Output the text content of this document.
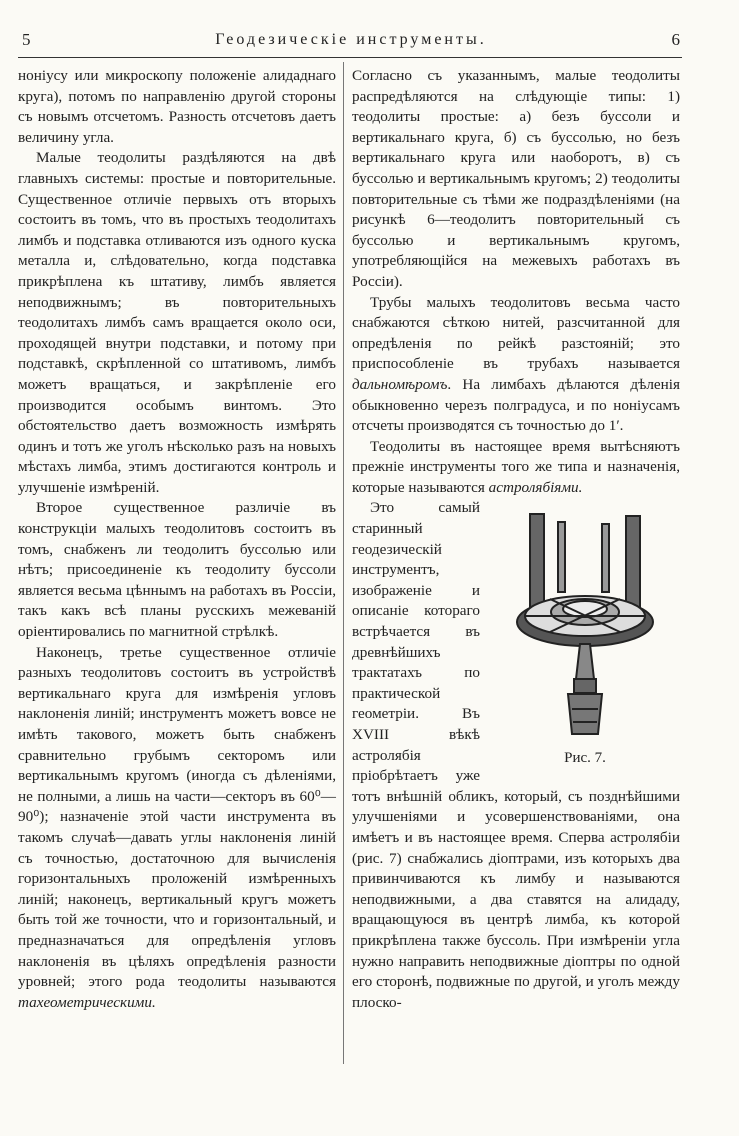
5	Геодезическіе инструменты.	6

ноніусу или микроскопу положеніе алидаднаго круга), потомъ по направленію другой стороны съ новымъ отсчетомъ. Разность отсчетовъ даетъ величину угла.

Малые теодолиты раздѣляются на двѣ главныхъ системы: простые и повторительные. Существенное отличіе первыхъ отъ вторыхъ состоитъ въ томъ, что въ простыхъ теодолитахъ лимбъ и подставка отливаются изъ одного куска металла и, слѣдовательно, когда подставка прикрѣплена къ штативу, лимбъ является неподвижнымъ; въ повторительныхъ теодолитахъ лимбъ самъ вращается около оси, проходящей внутри подставки, и потому при подставкѣ, скрѣпленной со штативомъ, лимбъ можетъ вращаться, и закрѣпленіе его производится особымъ винтомъ. Это обстоятельство даетъ возможность измѣрять одинъ и тотъ же уголъ нѣсколько разъ на новыхъ мѣстахъ лимба, этимъ достигаются контроль и улучшеніе измѣреній.

Второе существенное различіе въ конструкціи малыхъ теодолитовъ состоитъ въ томъ, снабженъ ли теодолитъ буссолью или нѣтъ; присоединеніе къ теодолиту буссоли является весьма цѣннымъ на работахъ въ Россіи, такъ какъ всѣ планы русскихъ межеваній оріентировались по магнитной стрѣлкѣ.

Наконецъ, третье существенное отличіе разныхъ теодолитовъ состоитъ въ устройствѣ вертикальнаго круга для измѣренія угловъ наклоненія линій; инструментъ можетъ вовсе не имѣть такового, можетъ быть снабженъ сравнительно грубымъ секторомъ или вертикальнымъ кругомъ (иногда съ дѣленіями, не полными, а лишь на части—секторъ въ 60⁰—90⁰); назначеніе этой части инструмента въ такомъ случаѣ—давать углы наклоненія линій съ точностью, достаточною для вычисленія горизонтальныхъ проложеній измѣренныхъ линій; наконецъ, вертикальный кругъ можетъ быть той же точности, что и горизонтальный, и предназначаться для опредѣленія угловъ наклоненія въ цѣляхъ опредѣленія разности уровней; этого рода теодолиты называются тахеометрическими.

Согласно съ указаннымъ, малые теодолиты распредѣляются на слѣдующіе типы: 1) теодолиты простые: а) безъ буссоли и вертикальнаго круга, б) съ буссолью, но безъ вертикальнаго круга или наоборотъ, в) съ буссолью и вертикальнымъ кругомъ; 2) теодолиты повторительные съ тѣми же подраздѣленіями (на рисункѣ 6—теодолитъ повторительный съ буссолью и вертикальнымъ кругомъ, употребляющійся на межевыхъ работахъ въ Россіи).

Трубы малыхъ теодолитовъ весьма часто снабжаются сѣткою нитей, разсчитанной для опредѣленія по рейкѣ разстояній; это приспособленіе въ трубахъ называется дальномѣромъ. На лимбахъ дѣлаются дѣленія обыкновенно черезъ полградуса, и по ноніусамъ отсчеты производятся съ точностью до 1′.

Теодолиты въ настоящее время вытѣсняютъ прежніе инструменты того же типа и назначенія, которые называются астролябіями.

Рис. 7.

Это самый старинный геодезическій инструментъ, изображеніе и описаніе котораго встрѣчается въ древнѣйшихъ трактатахъ по практической геометріи. Въ XVIII вѣкѣ астролябія пріобрѣтаетъ уже тотъ внѣшній обликъ, который, съ позднѣйшими улучшеніями и усовершенствованіями, она имѣетъ и въ настоящее время. Сперва астролябіи (рис. 7) снабжались діоптрами, изъ которыхъ два привинчиваются къ лимбу и называются неподвижными, а два ставятся на алидаду, вращающуюся въ центрѣ лимба, къ которой прикрѣплена также буссоль. При измѣреніи угла нужно направить неподвижные діоптры по одной его сторонѣ, подвижные по другой, и уголъ между плоско-
